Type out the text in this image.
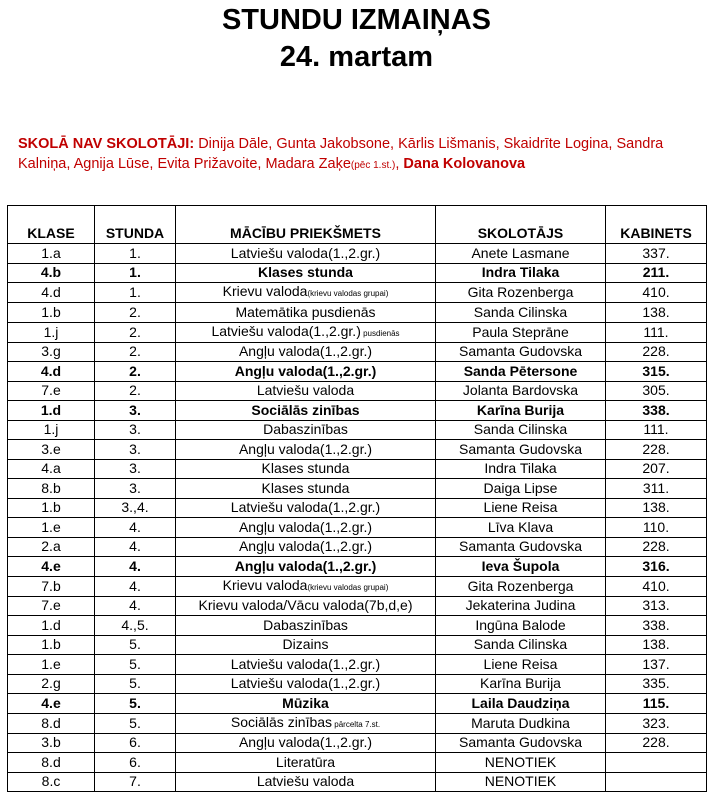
STUNDU IZMAIŅAS
24. martam
SKOLĀ NAV SKOLOTĀJI: Dinija Dāle, Gunta Jakobsone, Kārlis Lišmanis, Skaidrīte Logina, Sandra Kalniņa, Agnija Lūse, Evita Prižavoite, Madara Zaķe(pēc 1.st.), Dana Kolovanova
KLASE	STUNDA	MĀCĪBU PRIEKŠMETS	SKOLOTĀJS	KABINETS
1.a	1.	Latviešu valoda(1.,2.gr.)	Anete Lasmane	337.
4.b	1.	Klases stunda	Indra Tilaka	211.
4.d	1.	Krievu valoda(krievu valodas grupai)	Gita Rozenberga	410.
1.b	2.	Matemātika pusdienās	Sanda Cilinska	138.
1.j	2.	Latviešu valoda(1.,2.gr.) pusdienās	Paula Steprāne	111.
3.g	2.	Angļu valoda(1.,2.gr.)	Samanta Gudovska	228.
4.d	2.	Angļu valoda(1.,2.gr.)	Sanda Pētersone	315.
7.e	2.	Latviešu valoda	Jolanta Bardovska	305.
1.d	3.	Sociālās zinības	Karīna Burija	338.
1.j	3.	Dabaszinības	Sanda Cilinska	111.
3.e	3.	Angļu valoda(1.,2.gr.)	Samanta Gudovska	228.
4.a	3.	Klases stunda	Indra Tilaka	207.
8.b	3.	Klases stunda	Daiga Lipse	311.
1.b	3.,4.	Latviešu valoda(1.,2.gr.)	Liene Reisa	138.
1.e	4.	Angļu valoda(1.,2.gr.)	Līva Klava	110.
2.a	4.	Angļu valoda(1.,2.gr.)	Samanta Gudovska	228.
4.e	4.	Angļu valoda(1.,2.gr.)	Ieva Šupola	316.
7.b	4.	Krievu valoda(krievu valodas grupai)	Gita Rozenberga	410.
7.e	4.	Krievu valoda/Vācu valoda(7b,d,e)	Jekaterina Judina	313.
1.d	4.,5.	Dabaszinības	Ingūna Balode	338.
1.b	5.	Dizains	Sanda Cilinska	138.
1.e	5.	Latviešu valoda(1.,2.gr.)	Liene Reisa	137.
2.g	5.	Latviešu valoda(1.,2.gr.)	Karīna Burija	335.
4.e	5.	Mūzika	Laila Daudziņa	115.
8.d	5.	Sociālās zinības pārcelta 7.st.	Maruta Dudkina	323.
3.b	6.	Angļu valoda(1.,2.gr.)	Samanta Gudovska	228.
8.d	6.	Literatūra	NENOTIEK	
8.c	7.	Latviešu valoda	NENOTIEK	
